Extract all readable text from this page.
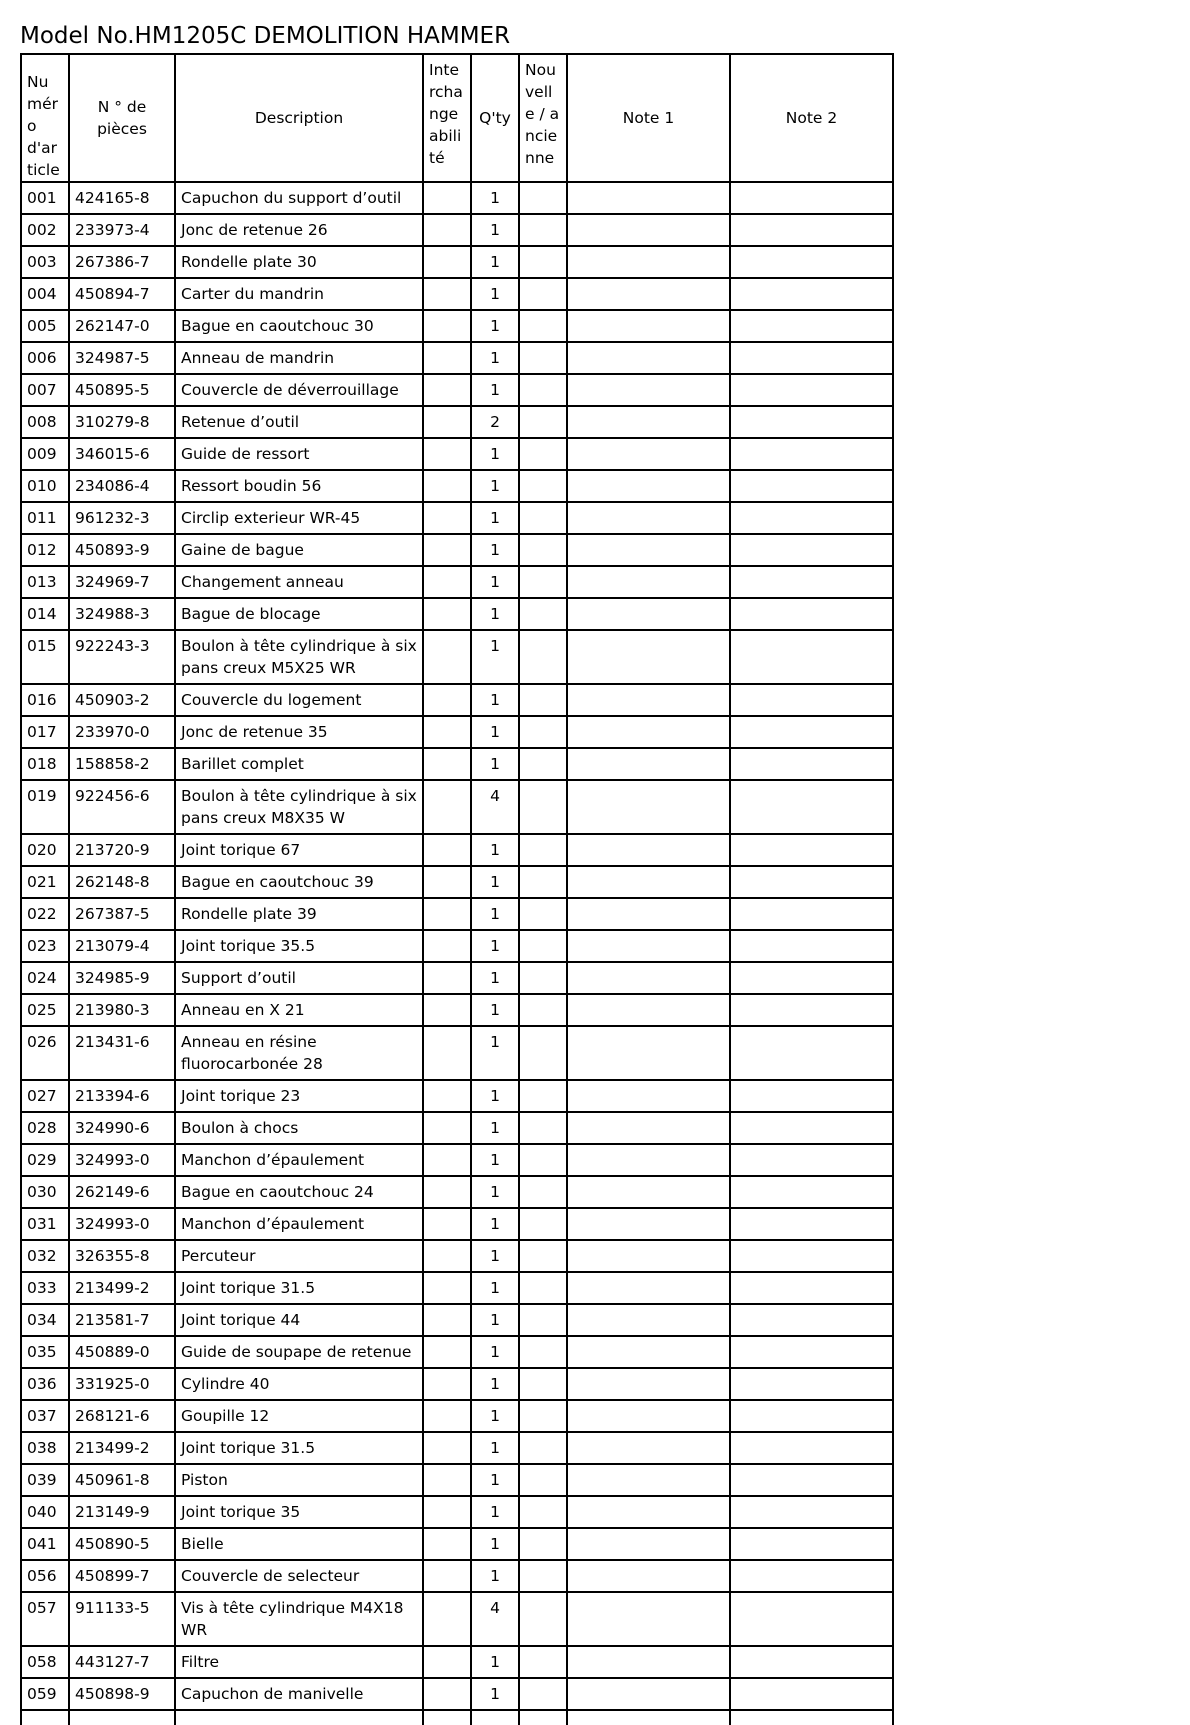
Model No.HM1205C DEMOLITION HAMMER
Numéro d'article	N ° de pièces	Description	Interchangeabilité	Q'ty	Nouvelle / ancienne	Note 1	Note 2
001	424165-8	Capuchon du support d’outil		1			
002	233973-4	Jonc de retenue 26		1			
003	267386-7	Rondelle plate 30		1			
004	450894-7	Carter du mandrin		1			
005	262147-0	Bague en caoutchouc 30		1			
006	324987-5	Anneau de mandrin		1			
007	450895-5	Couvercle de déverrouillage		1			
008	310279-8	Retenue d’outil		2			
009	346015-6	Guide de ressort		1			
010	234086-4	Ressort boudin 56		1			
011	961232-3	Circlip exterieur WR-45		1			
012	450893-9	Gaine de bague		1			
013	324969-7	Changement anneau		1			
014	324988-3	Bague de blocage		1			
015	922243-3	Boulon à tête cylindrique à six pans creux M5X25 WR		1			
016	450903-2	Couvercle du logement		1			
017	233970-0	Jonc de retenue 35		1			
018	158858-2	Barillet complet		1			
019	922456-6	Boulon à tête cylindrique à six pans creux M8X35 W		4			
020	213720-9	Joint torique 67		1			
021	262148-8	Bague en caoutchouc 39		1			
022	267387-5	Rondelle plate 39		1			
023	213079-4	Joint torique 35.5		1			
024	324985-9	Support d’outil		1			
025	213980-3	Anneau en X 21		1			
026	213431-6	Anneau en résine fluorocarbonée 28		1			
027	213394-6	Joint torique 23		1			
028	324990-6	Boulon à chocs		1			
029	324993-0	Manchon d’épaulement		1			
030	262149-6	Bague en caoutchouc 24		1			
031	324993-0	Manchon d’épaulement		1			
032	326355-8	Percuteur		1			
033	213499-2	Joint torique 31.5		1			
034	213581-7	Joint torique 44		1			
035	450889-0	Guide de soupape de retenue		1			
036	331925-0	Cylindre 40		1			
037	268121-6	Goupille 12		1			
038	213499-2	Joint torique 31.5		1			
039	450961-8	Piston		1			
040	213149-9	Joint torique 35		1			
041	450890-5	Bielle		1			
056	450899-7	Couvercle de selecteur		1			
057	911133-5	Vis à tête cylindrique M4X18 WR		4			
058	443127-7	Filtre		1			
059	450898-9	Capuchon de manivelle		1			
